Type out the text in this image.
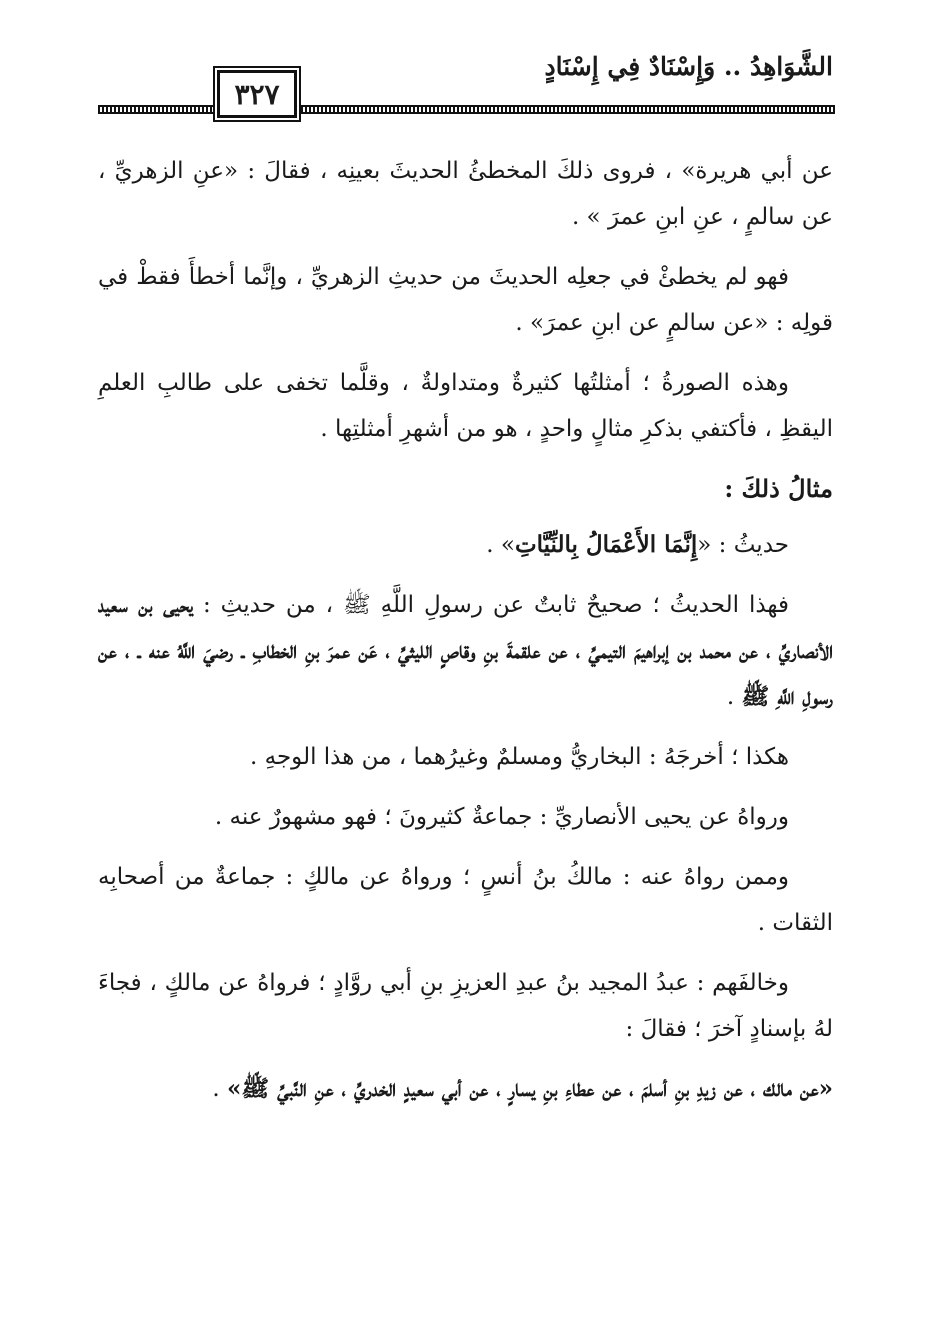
الشَّوَاهِدُ .. وَإِسْنَادٌ فِي إِسْنَادٍ
٣٢٧

عن أبي هريرة» ، فروى ذلكَ المخطئُ الحديثَ بعينِه ، فقالَ : «عنِ الزهريِّ ، عن سالمٍ ، عنِ ابنِ عمرَ » .

فهو لم يخطئْ في جعلِه الحديثَ من حديثِ الزهريِّ ، وإنَّما أخطأَ فقطْ في قولِه : «عن سالمٍ عن ابنِ عمرَ» .

وهذه الصورةُ ؛ أمثلتُها كثيرةٌ ومتداولةٌ ، وقلَّما تخفى على طالبِ العلمِ اليقظِ ، فأكتفي بذكرِ مثالٍ واحدٍ ، هو من أشهرِ أمثلتِها .

مثالُ ذلكَ :

حديثُ : «إِنَّمَا الأَعْمَالُ بِالنِّيَّاتِ» .

فهذا الحديثُ ؛ صحيحٌ ثابتٌ عن رسولِ اللَّهِ ﷺ ، من حديثِ : يحيى بن سعيد الأنصاريِّ ، عن محمد بن إبراهيمَ التيميِّ ، عن علقمةَ بنِ وقاصٍ الليثيِّ ، عَن عمرَ بنِ الخطابِ ـ رضيَ اللَّهُ عنه ـ ، عن رسولِ اللَّهِ ﷺ .

هكذا ؛ أخرجَهُ : البخاريُّ ومسلمٌ وغيرُهما ، من هذا الوجهِ .

ورواهُ عن يحيى الأنصاريِّ : جماعةٌ كثيرونَ ؛ فهو مشهورٌ عنه .

وممن رواهُ عنه : مالكُ بنُ أنسٍ ؛ ورواهُ عن مالكٍ : جماعةٌ من أصحابِه الثقات .

وخالفَهم : عبدُ المجيد بنُ عبدِ العزيزِ بنِ أبي روَّادٍ ؛ فرواهُ عن مالكٍ ، فجاءَ لهُ بإسنادٍ آخرَ ؛ فقالَ :

«عن مالك ، عن زيدِ بنِ أسلمَ ، عن عطاءِ بنِ يسارٍ ، عن أبي سعيدٍ الخدريِّ ، عنِ النَّبيِّ ﷺ» .
